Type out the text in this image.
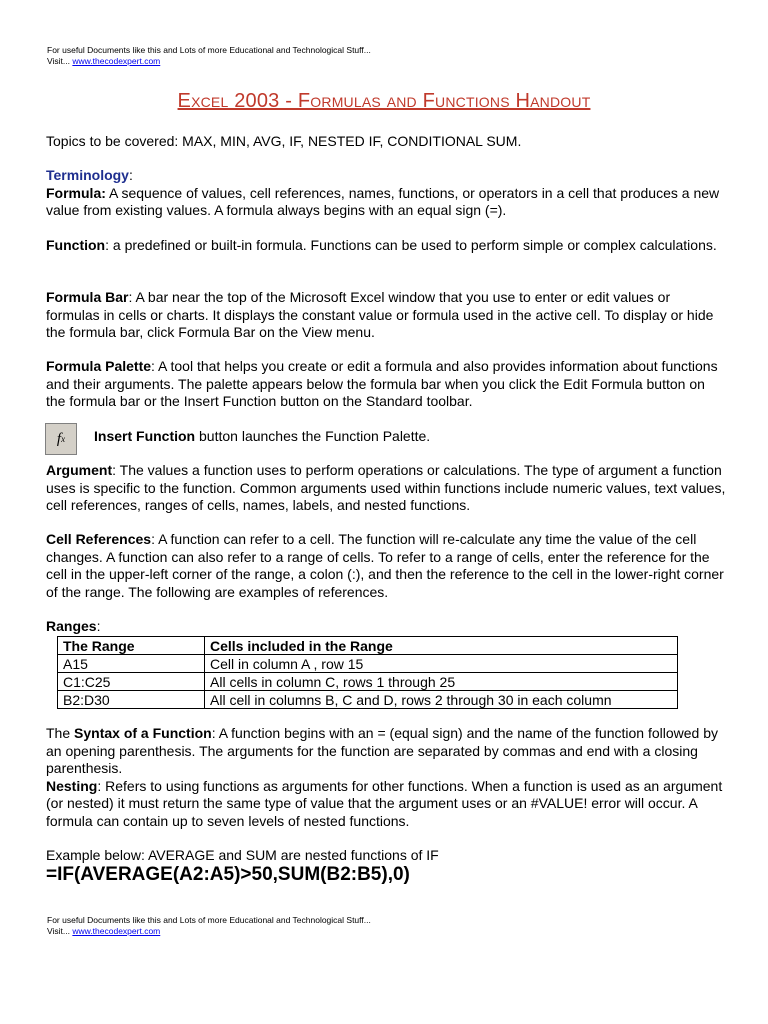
For useful Documents like this and Lots of more Educational and Technological Stuff...
Visit... www.thecodexpert.com
Excel 2003 - Formulas and Functions Handout
Topics to be covered: MAX, MIN, AVG, IF, NESTED IF, CONDITIONAL SUM.
Terminology:
Formula: A sequence of values, cell references, names, functions, or operators in a cell that produces a new value from existing values. A formula always begins with an equal sign (=).
Function: a predefined or built-in formula. Functions can be used to perform simple or complex calculations.
Formula Bar: A bar near the top of the Microsoft Excel window that you use to enter or edit values or formulas in cells or charts. It displays the constant value or formula used in the active cell. To display or hide the formula bar, click Formula Bar on the View menu.
Formula Palette: A tool that helps you create or edit a formula and also provides information about functions and their arguments. The palette appears below the formula bar when you click the Edit Formula button on the formula bar or the Insert Function button on the Standard toolbar.
f x Insert Function button launches the Function Palette.
Argument: The values a function uses to perform operations or calculations. The type of argument a function uses is specific to the function. Common arguments used within functions include numeric values, text values, cell references, ranges of cells, names, labels, and nested functions.
Cell References: A function can refer to a cell. The function will re-calculate any time the value of the cell changes. A function can also refer to a range of cells. To refer to a range of cells, enter the reference for the cell in the upper-left corner of the range, a colon (:), and then the reference to the cell in the lower-right corner of the range. The following are examples of references.
Ranges:
The Range	Cells included in the Range
A15	Cell in column A , row 15
C1:C25	All cells in column C, rows 1 through 25
B2:D30	All cell in columns B, C and D, rows 2 through 30 in each column
The Syntax of a Function: A function begins with an = (equal sign) and the name of the function followed by an opening parenthesis. The arguments for the function are separated by commas and end with a closing parenthesis.
Nesting: Refers to using functions as arguments for other functions. When a function is used as an argument (or nested) it must return the same type of value that the argument uses or an #VALUE! error will occur. A formula can contain up to seven levels of nested functions.
Example below: AVERAGE and SUM are nested functions of IF
=IF(AVERAGE(A2:A5)>50,SUM(B2:B5),0)
For useful Documents like this and Lots of more Educational and Technological Stuff...
Visit... www.thecodexpert.com
